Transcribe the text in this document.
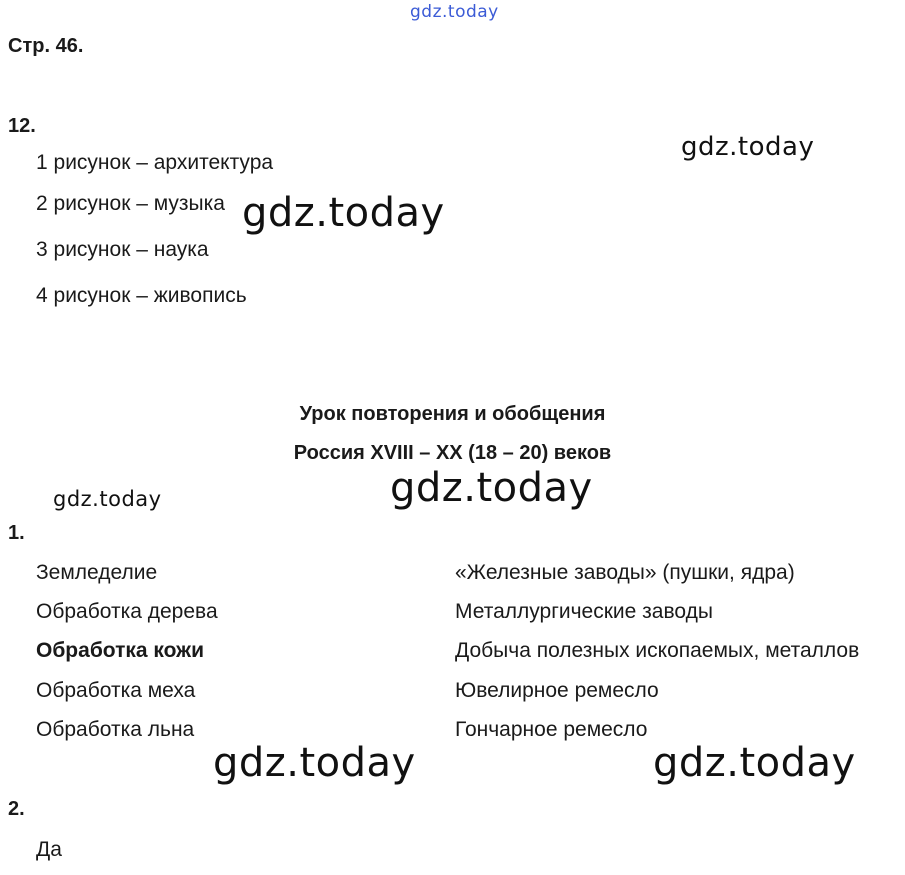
gdz.today
gdz.today
gdz.today
gdz.today	gdz.today
gdz.today	gdz.today
Стр. 46.
12.
1 рисунок – архитектура
2 рисунок – музыка
3 рисунок – наука
4 рисунок – живопись
Урок повторения и обобщения
Россия XVIII – XX (18 – 20) веков
1.
Земледелие
Обработка дерева
Обработка кожи
Обработка меха
Обработка льна
«Железные заводы» (пушки, ядра)
Металлургические заводы
Добыча полезных ископаемых, металлов
Ювелирное ремесло
Гончарное ремесло
2.
Да
